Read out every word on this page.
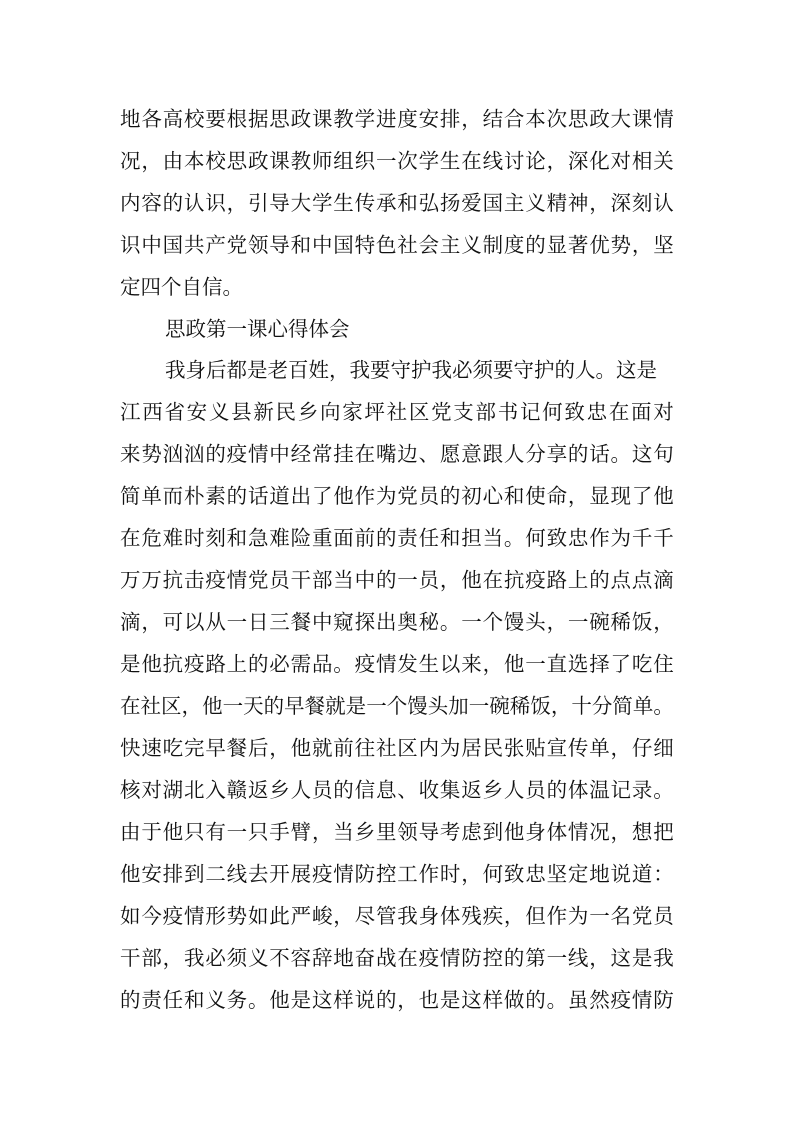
地 各 高 校 要 根 据 思 政 课 教 学 进 度 安 排 ， 结 合 本 次 思 政 大 课 情
况 ， 由 本 校 思 政 课 教 师 组 织 一 次 学 生 在 线 讨 论 ， 深 化 对 相 关
内 容 的 认 识 ， 引 导 大 学 生 传 承 和 弘 扬 爱 国 主 义 精 神 ， 深 刻 认
识 中 国 共 产 党 领 导 和 中 国 特 色 社 会 主 义 制 度 的 显 著 优 势 ， 坚
定四个自信。
思政第一课心得体会
我身后都是老百姓，我要守护我必须要守护的人。这是
江 西 省 安 义 县 新 民 乡 向 家 坪 社 区 党 支 部 书 记 何 致 忠 在 面 对
来 势 汹 汹 的 疫 情 中 经 常 挂 在 嘴 边 、 愿 意 跟 人 分 享 的 话 。 这 句
简 单 而 朴 素 的 话 道 出 了 他 作 为 党 员 的 初 心 和 使 命 ， 显 现 了 他
在 危 难 时 刻 和 急 难 险 重 面 前 的 责 任 和 担 当 。 何 致 忠 作 为 千 千
万 万 抗 击 疫 情 党 员 干 部 当 中 的 一 员 ， 他 在 抗 疫 路 上 的 点 点 滴
滴 ， 可 以 从 一 日 三 餐 中 窥 探 出 奥 秘 。 一 个 馒 头 ， 一 碗 稀 饭 ，
是 他 抗 疫 路 上 的 必 需 品 。 疫 情 发 生 以 来 ， 他 一 直 选 择 了 吃 住
在 社 区 ， 他 一 天 的 早 餐 就 是 一 个 馒 头 加 一 碗 稀 饭 ， 十 分 简 单 。
快 速 吃 完 早 餐 后 ， 他 就 前 往 社 区 内 为 居 民 张 贴 宣 传 单 ， 仔 细
核 对 湖 北 入 赣 返 乡 人 员 的 信 息 、 收 集 返 乡 人 员 的 体 温 记 录 。
由 于 他 只 有 一 只 手 臂 ， 当 乡 里 领 导 考 虑 到 他 身 体 情 况 ， 想 把
他 安 排 到 二 线 去 开 展 疫 情 防 控 工 作 时 ， 何 致 忠 坚 定 地 说 道 ：
如 今 疫 情 形 势 如 此 严 峻 ， 尽 管 我 身 体 残 疾 ， 但 作 为 一 名 党 员
干 部 ， 我 必 须 义 不 容 辞 地 奋 战 在 疫 情 防 控 的 第 一 线 ， 这 是 我
的 责 任 和 义 务 。 他 是 这 样 说 的 ， 也 是 这 样 做 的 。 虽 然 疫 情 防
